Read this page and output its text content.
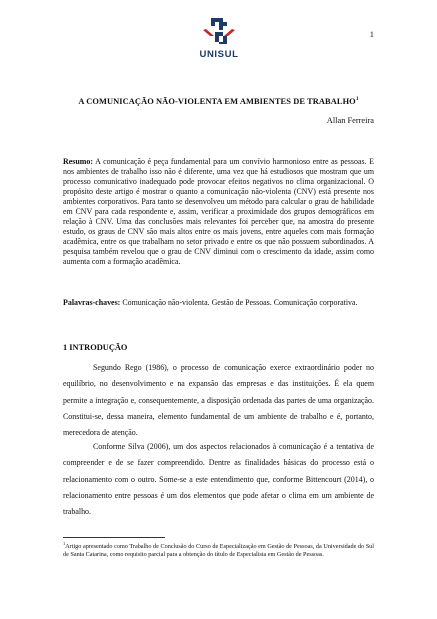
1
UNISUL
A COMUNICAÇÃO NÃO-VIOLENTA EM AMBIENTES DE TRABALHO$^1$
Allan Ferreira
Resumo: A comunicação é peça fundamental para um convívio harmonioso entre as pessoas. E nos ambientes de trabalho isso não é diferente, uma vez que há estudiosos que mostram que um processo comunicativo inadequado pode provocar efeitos negativos no clima organizacional. O propósito deste artigo é mostrar o quanto a comunicação não-violenta (CNV) está presente nos ambientes corporativos. Para tanto se desenvolveu um método para calcular o grau de habilidade em CNV para cada respondente e, assim, verificar a proximidade dos grupos demográficos em relação à CNV. Uma das conclusões mais relevantes foi perceber que, na amostra do presente estudo, os graus de CNV são mais altos entre os mais jovens, entre aqueles com mais formação acadêmica, entre os que trabalham no setor privado e entre os que não possuem subordinados. A pesquisa também revelou que o grau de CNV diminui com o crescimento da idade, assim como aumenta com a formação acadêmica.
Palavras-chaves: Comunicação não-violenta. Gestão de Pessoas. Comunicação corporativa.
1 INTRODUÇÃO

Segundo Rego (1986), o processo de comunicação exerce extraordinário poder no equilíbrio, no desenvolvimento e na expansão das empresas e das instituições. É ela quem permite a integração e, consequentemente, a disposição ordenada das partes de uma organização. Constitui-se, dessa maneira, elemento fundamental de um ambiente de trabalho e é, portanto, merecedora de atenção.

Conforme Silva (2006), um dos aspectos relacionados à comunicação é a tentativa de compreender e de se fazer compreendido. Dentre as finalidades básicas do processo está o relacionamento com o outro. Some-se a este entendimento que, conforme Bittencourt (2014), o relacionamento entre pessoas é um dos elementos que pode afetar o clima em um ambiente de trabalho.

$^1$Artigo apresentado como Trabalho de Conclusão do Curso de Especialização em Gestão de Pessoas, da Universidade do Sul de Santa Catarina, como requisito parcial para a obtenção do título de Especialista em Gestão de Pessoas.
